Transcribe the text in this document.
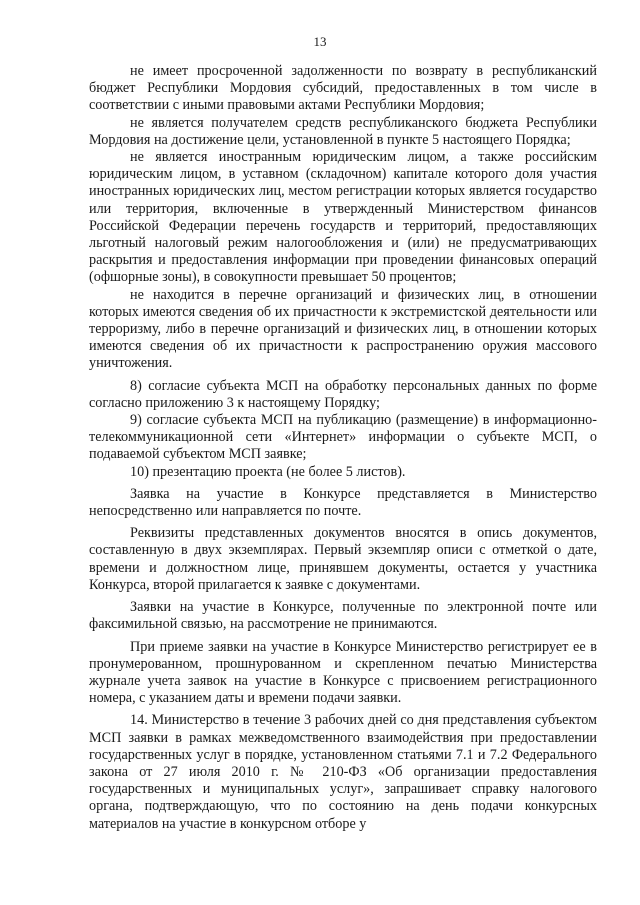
13

не имеет просроченной задолженности по возврату в республиканский бюджет Республики Мордовия субсидий, предоставленных в том числе в соответствии с иными правовыми актами Республики Мордовия;

не является получателем средств республиканского бюджета Республики Мордовия на достижение цели, установленной в пункте 5 настоящего Порядка;

не является иностранным юридическим лицом, а также российским юридическим лицом, в уставном (складочном) капитале которого доля участия иностранных юридических лиц, местом регистрации которых является государство или территория, включенные в утвержденный Министерством финансов Российской Федерации перечень государств и территорий, предоставляющих льготный налоговый режим налогообложения и (или) не предусматривающих раскрытия и предоставления информации при проведении финансовых операций (офшорные зоны), в совокупности превышает 50 процентов;

не находится в перечне организаций и физических лиц, в отношении которых имеются сведения об их причастности к экстремистской деятельности или терроризму, либо в перечне организаций и физических лиц, в отношении которых имеются сведения об их причастности к распространению оружия массового уничтожения.

8) согласие субъекта МСП на обработку персональных данных по форме согласно приложению 3 к настоящему Порядку;

9) согласие субъекта МСП на публикацию (размещение) в информационно-телекоммуникационной сети «Интернет» информации о субъекте МСП, о подаваемой субъектом МСП заявке;

10) презентацию проекта (не более 5 листов).

Заявка на участие в Конкурсе представляется в Министерство непосредственно или направляется по почте.

Реквизиты представленных документов вносятся в опись документов, составленную в двух экземплярах. Первый экземпляр описи с отметкой о дате, времени и должностном лице, принявшем документы, остается у участника Конкурса, второй прилагается к заявке с документами.

Заявки на участие в Конкурсе, полученные по электронной почте или факсимильной связью, на рассмотрение не принимаются.

При приеме заявки на участие в Конкурсе Министерство регистрирует ее в пронумерованном, прошнурованном и скрепленном печатью Министерства журнале учета заявок на участие в Конкурсе с присвоением регистрационного номера, с указанием даты и времени подачи заявки.

14. Министерство в течение 3 рабочих дней со дня представления субъектом МСП заявки в рамках межведомственного взаимодействия при предоставлении государственных услуг в порядке, установленном статьями 7.1 и 7.2 Федерального закона от 27 июля 2010 г. № 210-ФЗ «Об организации предоставления государственных и муниципальных услуг», запрашивает справку налогового органа, подтверждающую, что по состоянию на день подачи конкурсных материалов на участие в конкурсном отборе у
